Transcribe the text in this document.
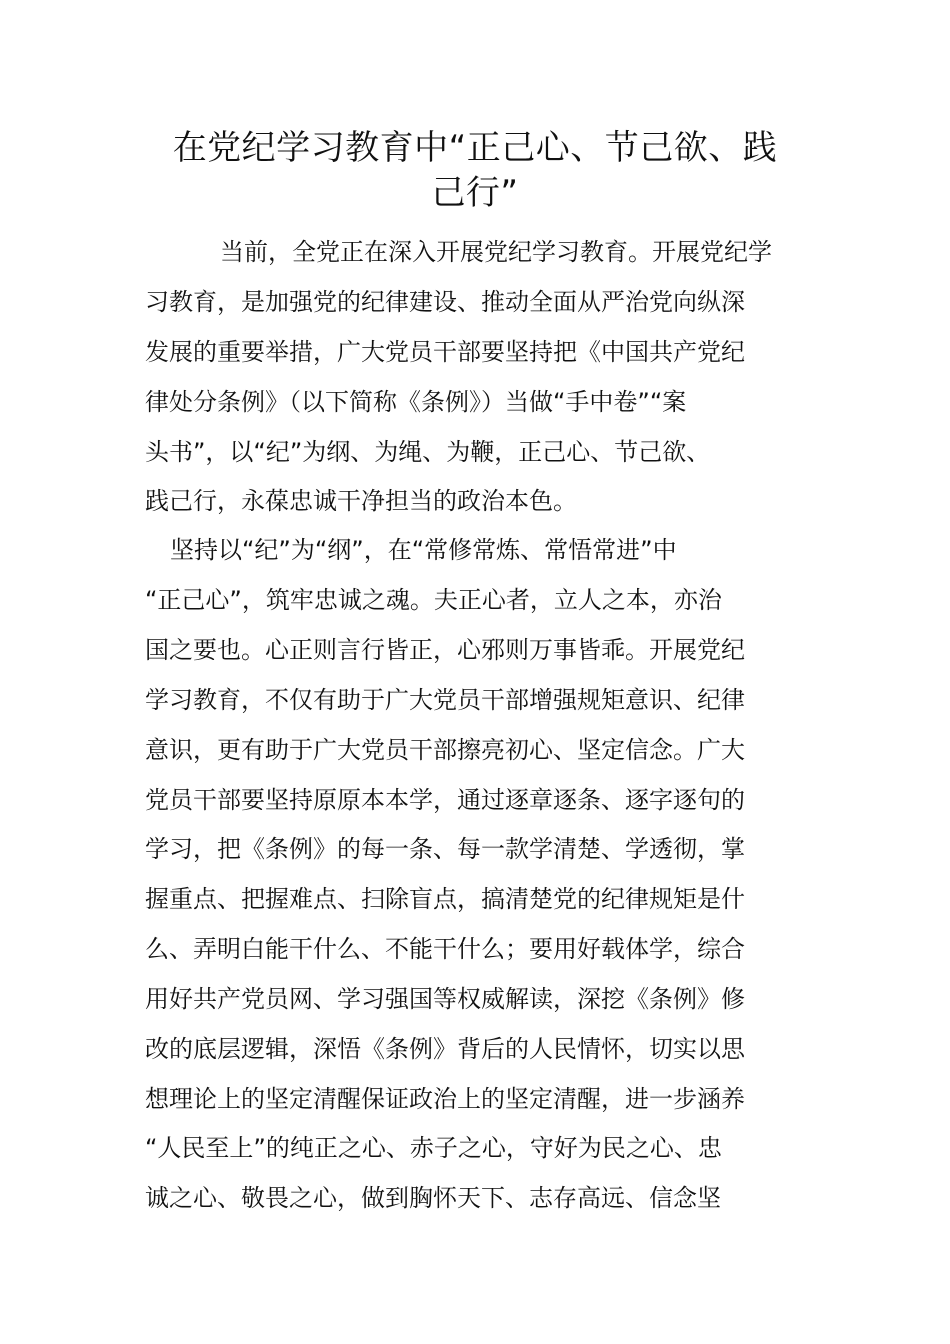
在党纪学习教育中“正己心、节己欲、践
己行”

当前，全党正在深入开展党纪学习教育。开展党纪学

习教育，是加强党的纪律建设、推动全面从严治党向纵深

发展的重要举措，广大党员干部要坚持把《中国共产党纪

律处分条例》（以下简称《条例》）当做“手中卷”“案

头书”，以“纪”为纲、为绳、为鞭，正己心、节己欲、

践己行，永葆忠诚干净担当的政治本色。

坚持以“纪”为“纲”，在“常修常炼、常悟常进”中

“正己心”，筑牢忠诚之魂。夫正心者，立人之本，亦治

国之要也。心正则言行皆正，心邪则万事皆乖。开展党纪

学习教育，不仅有助于广大党员干部增强规矩意识、纪律

意识，更有助于广大党员干部擦亮初心、坚定信念。广大

党员干部要坚持原原本本学，通过逐章逐条、逐字逐句的

学习，把《条例》的每一条、每一款学清楚、学透彻，掌

握重点、把握难点、扫除盲点，搞清楚党的纪律规矩是什

么、弄明白能干什么、不能干什么；要用好载体学，综合

用好共产党员网、学习强国等权威解读，深挖《条例》修

改的底层逻辑，深悟《条例》背后的人民情怀，切实以思

想理论上的坚定清醒保证政治上的坚定清醒，进一步涵养

“人民至上”的纯正之心、赤子之心，守好为民之心、忠

诚之心、敬畏之心，做到胸怀天下、志存高远、信念坚
